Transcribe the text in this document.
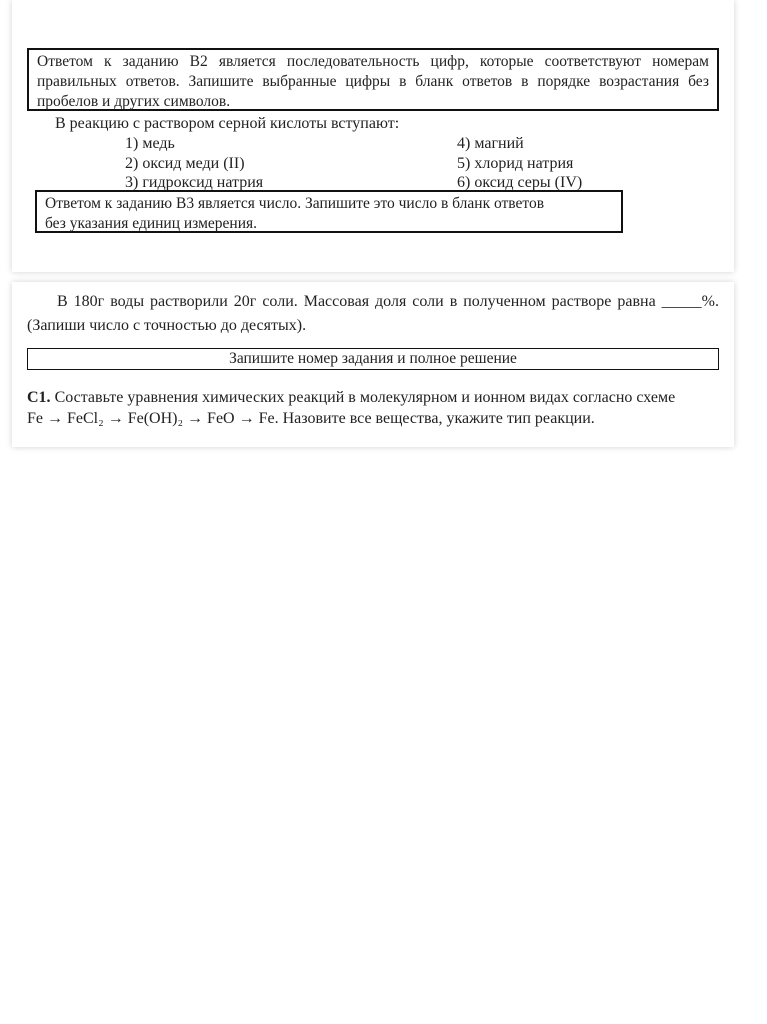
Ответом к заданию В2 является последовательность цифр, которые соответствуют номерам правильных ответов. Запишите выбранные цифры в бланк ответов в порядке возрастания без пробелов и других символов.
В реакцию с раствором серной кислоты вступают:
1) медь
2) оксид меди (II)
3) гидроксид натрия
4) магний
5) хлорид натрия
6) оксид серы (IV)

Ответом к заданию В3 является число. Запишите это число в бланк ответов

без указания единиц измерения.

В 180г воды растворили 20г соли. Массовая доля соли в полученном растворе равна _____%. (Запиши число с точностью до десятых).
Запишите номер задания и полное решение
С1. Составьте уравнения химических реакций в молекулярном и ионном видах согласно схеме
Fe → FeCl₂ → Fe(OH)₂ → FeO → Fe. Назовите все вещества, укажите тип реакции.
